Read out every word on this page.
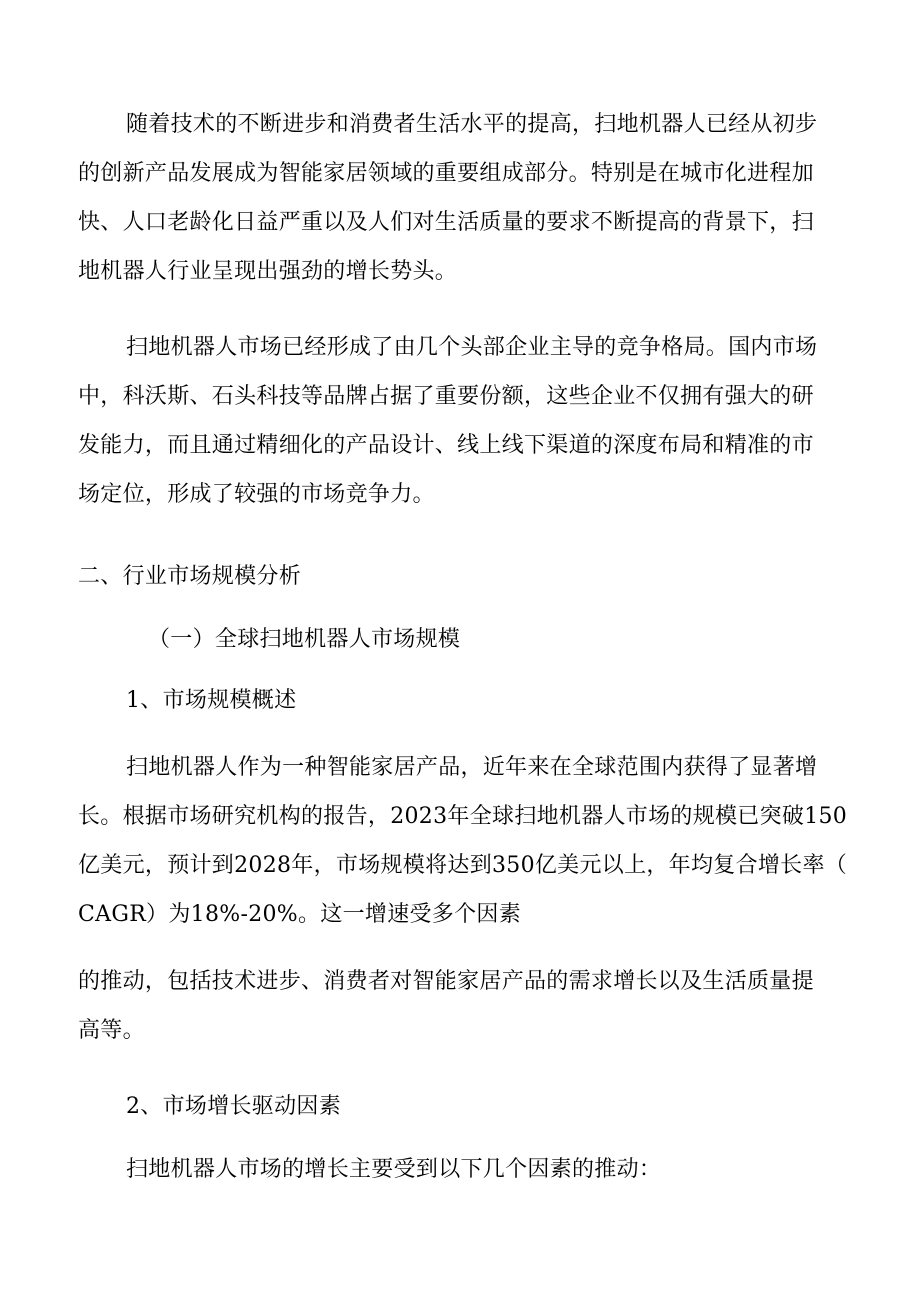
随着技术的不断进步和消费者生活水平的提高，扫地机器人已经从初步
的创新产品发展成为智能家居领域的重要组成部分。特别是在城市化进程加
快、人口老龄化日益严重以及人们对生活质量的要求不断提高的背景下，扫
地机器人行业呈现出强劲的增长势头。
扫地机器人市场已经形成了由几个头部企业主导的竞争格局。国内市场
中，科沃斯、石头科技等品牌占据了重要份额，这些企业不仅拥有强大的研
发能力，而且通过精细化的产品设计、线上线下渠道的深度布局和精准的市
场定位，形成了较强的市场竞争力。
二、行业市场规模分析
（一）全球扫地机器人市场规模
1、市场规模概述
扫地机器人作为一种智能家居产品，近年来在全球范围内获得了显著增
长。根据市场研究机构的报告，2023年全球扫地机器人市场的规模已突破150
亿美元，预计到2028年，市场规模将达到350亿美元以上，年均复合增长率（
CAGR）为18%-20%。这一增速受多个因素
的推动，包括技术进步、消费者对智能家居产品的需求增长以及生活质量提
高等。
2、市场增长驱动因素
扫地机器人市场的增长主要受到以下几个因素的推动：
